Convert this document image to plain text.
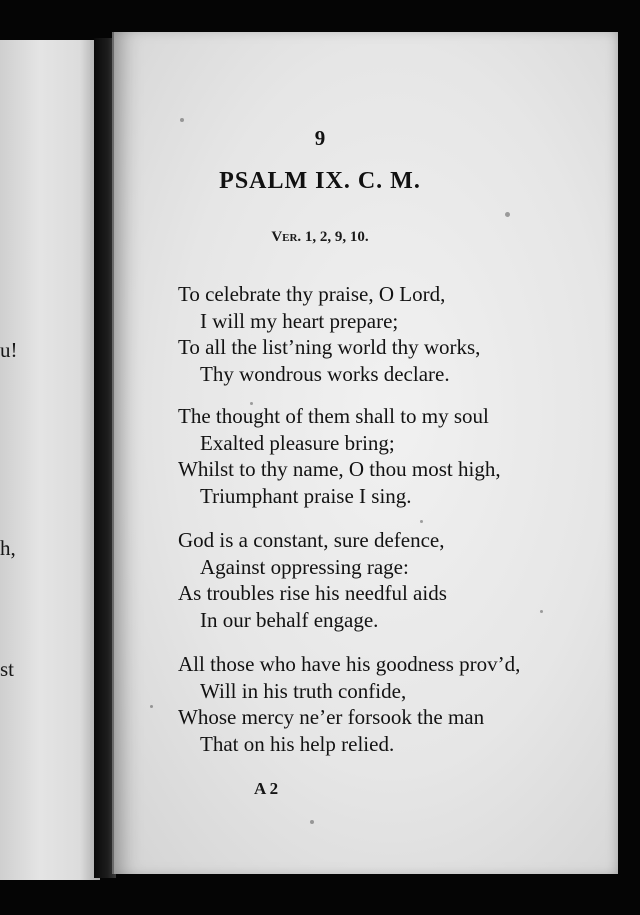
u!
h,
st
9
PSALM IX. C. M.
Ver. 1, 2, 9, 10.
To celebrate thy praise, O Lord,
I will my heart prepare;
To all the list’ning world thy works,
Thy wondrous works declare.
The thought of them shall to my soul
Exalted pleasure bring;
Whilst to thy name, O thou most high,
Triumphant praise I sing.
God is a constant, sure defence,
Against oppressing rage:
As troubles rise his needful aids
In our behalf engage.
All those who have his goodness prov’d,
Will in his truth confide,
Whose mercy ne’er forsook the man
That on his help relied.
A 2
